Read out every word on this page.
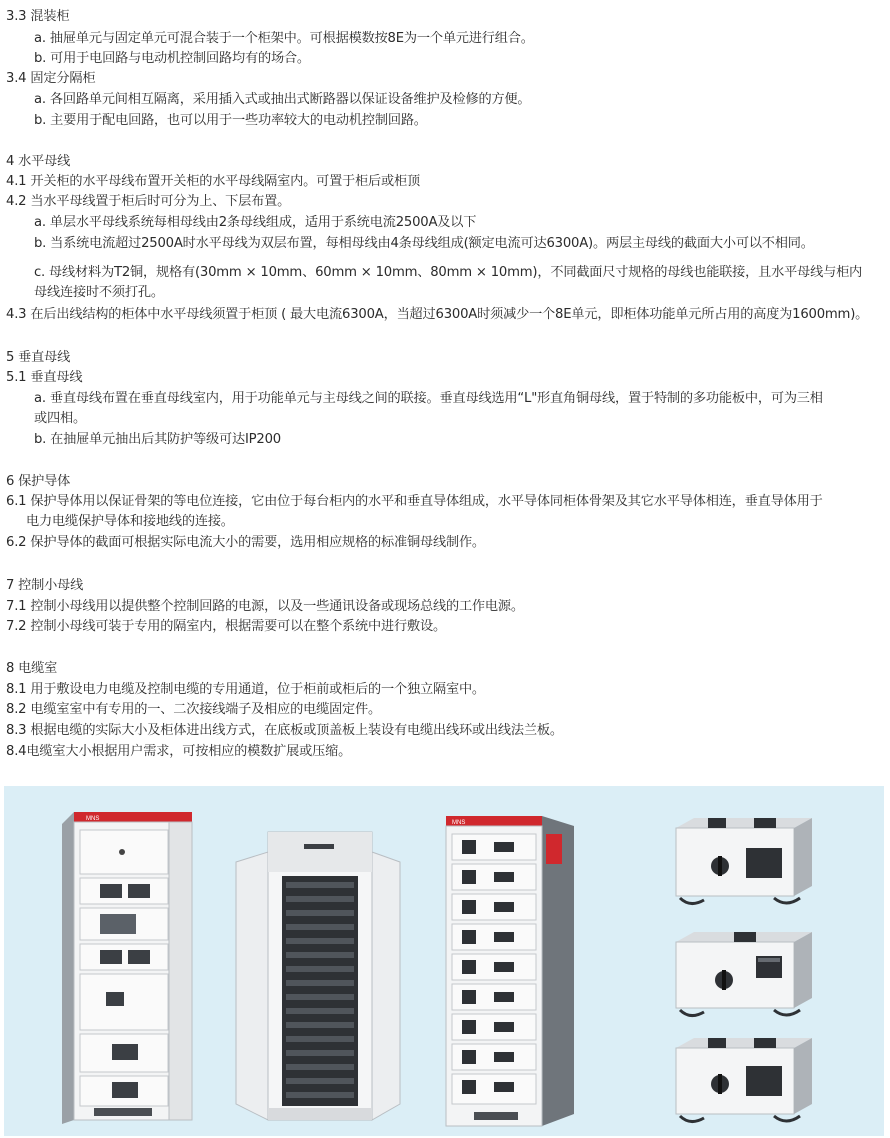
3.3 混装柜
a. 抽屉单元与固定单元可混合装于一个柜架中。可根据模数按8E为一个单元进行组合。
b. 可用于电回路与电动机控制回路均有的场合。
3.4 固定分隔柜
a. 各回路单元间相互隔离，采用插入式或抽出式断路器以保证设备维护及检修的方便。
b. 主要用于配电回路，也可以用于一些功率较大的电动机控制回路。
4 水平母线
4.1 开关柜的水平母线布置开关柜的水平母线隔室内。可置于柜后或柜顶
4.2 当水平母线置于柜后时可分为上、下层布置。
a. 单层水平母线系统每相母线由2条母线组成，适用于系统电流2500A及以下
b. 当系统电流超过2500A时水平母线为双层布置，每相母线由4条母线组成(额定电流可达6300A)。两层主母线的截面大小可以不相同。
c. 母线材料为T2铜，规格有(30mm × 10mm、60mm × 10mm、80mm × 10mm)，不同截面尺寸规格的母线也能联接，且水平母线与柜内
母线连接时不须打孔。
4.3 在后出线结构的柜体中水平母线须置于柜顶 ( 最大电流6300A，当超过6300A时须减少一个8E单元，即柜体功能单元所占用的高度为1600mm)。
5 垂直母线
5.1 垂直母线
a. 垂直母线布置在垂直母线室内，用于功能单元与主母线之间的联接。垂直母线选用“L"形直角铜母线，置于特制的多功能板中，可为三相
或四相。
b. 在抽屉单元抽出后其防护等级可达IP200
6 保护导体
6.1 保护导体用以保证骨架的等电位连接，它由位于每台柜内的水平和垂直导体组成，水平导体同柜体骨架及其它水平导体相连，垂直导体用于
电力电缆保护导体和接地线的连接。
6.2 保护导体的截面可根据实际电流大小的需要，选用相应规格的标准铜母线制作。
7 控制小母线
7.1 控制小母线用以提供整个控制回路的电源，以及一些通讯设备或现场总线的工作电源。
7.2 控制小母线可装于专用的隔室内，根据需要可以在整个系统中进行敷设。
8 电缆室
8.1 用于敷设电力电缆及控制电缆的专用通道，位于柜前或柜后的一个独立隔室中。
8.2 电缆室室中有专用的一、二次接线端子及相应的电缆固定件。
8.3 根据电缆的实际大小及柜体进出线方式，在底板或顶盖板上装设有电缆出线环或出线法兰板。
8.4电缆室大小根据用户需求，可按相应的模数扩展或压缩。
MNS
MNS
